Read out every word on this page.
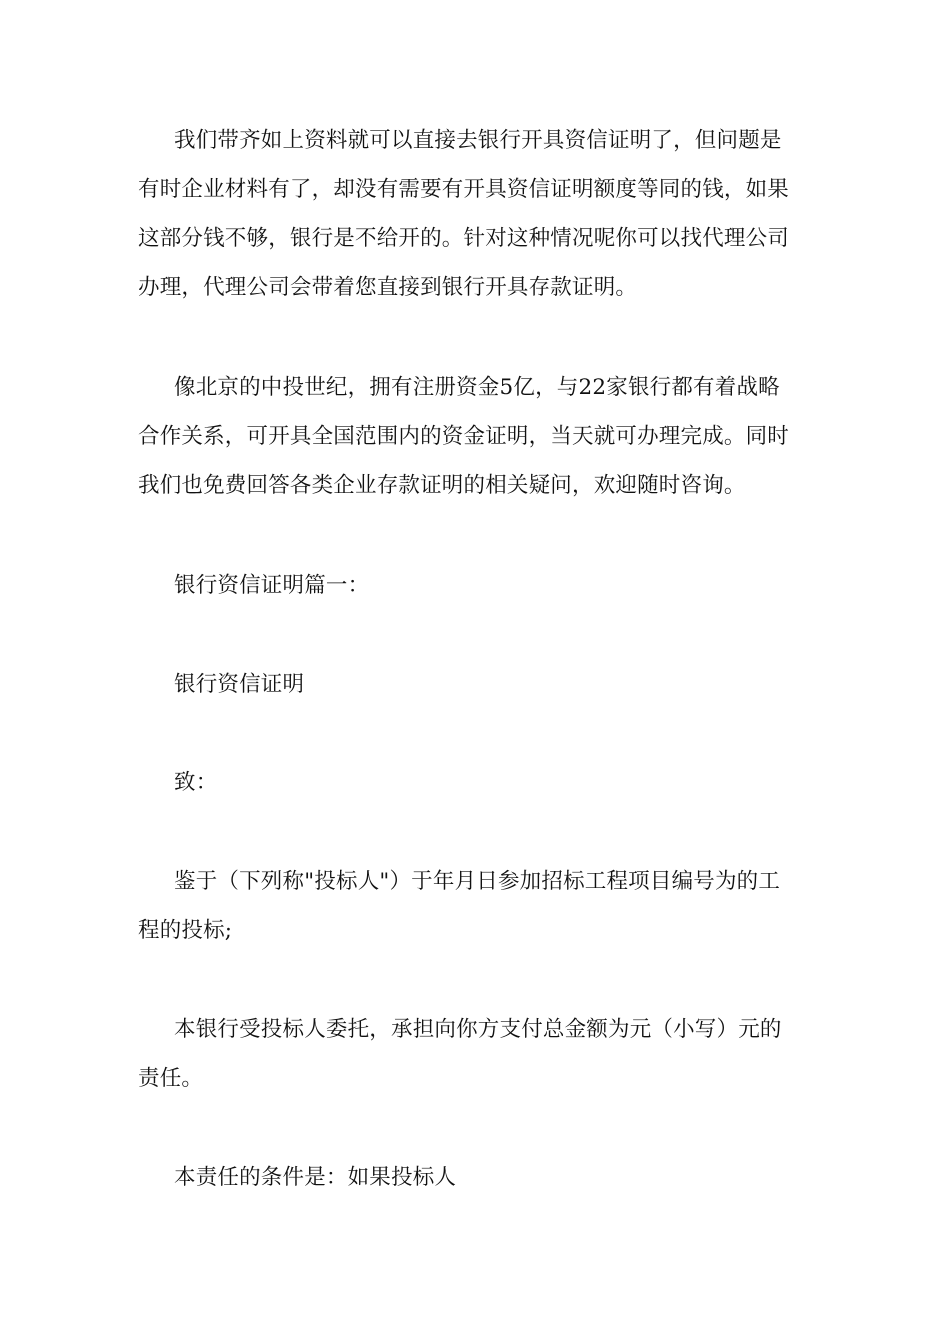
我们带齐如上资料就可以直接去银行开具资信证明了，但问题是
有时企业材料有了，却没有需要有开具资信证明额度等同的钱，如果
这部分钱不够，银行是不给开的。针对这种情况呢你可以找代理公司
办理，代理公司会带着您直接到银行开具存款证明。

像北京的中投世纪，拥有注册资金5亿，与22家银行都有着战略
合作关系，可开具全国范围内的资金证明，当天就可办理完成。同时
我们也免费回答各类企业存款证明的相关疑问，欢迎随时咨询。

银行资信证明篇一：

银行资信证明

致：

鉴于（下列称"投标人"）于年月日参加招标工程项目编号为的工
程的投标;

本银行受投标人委托，承担向你方支付总金额为元（小写）元的
责任。

本责任的条件是：如果投标人
